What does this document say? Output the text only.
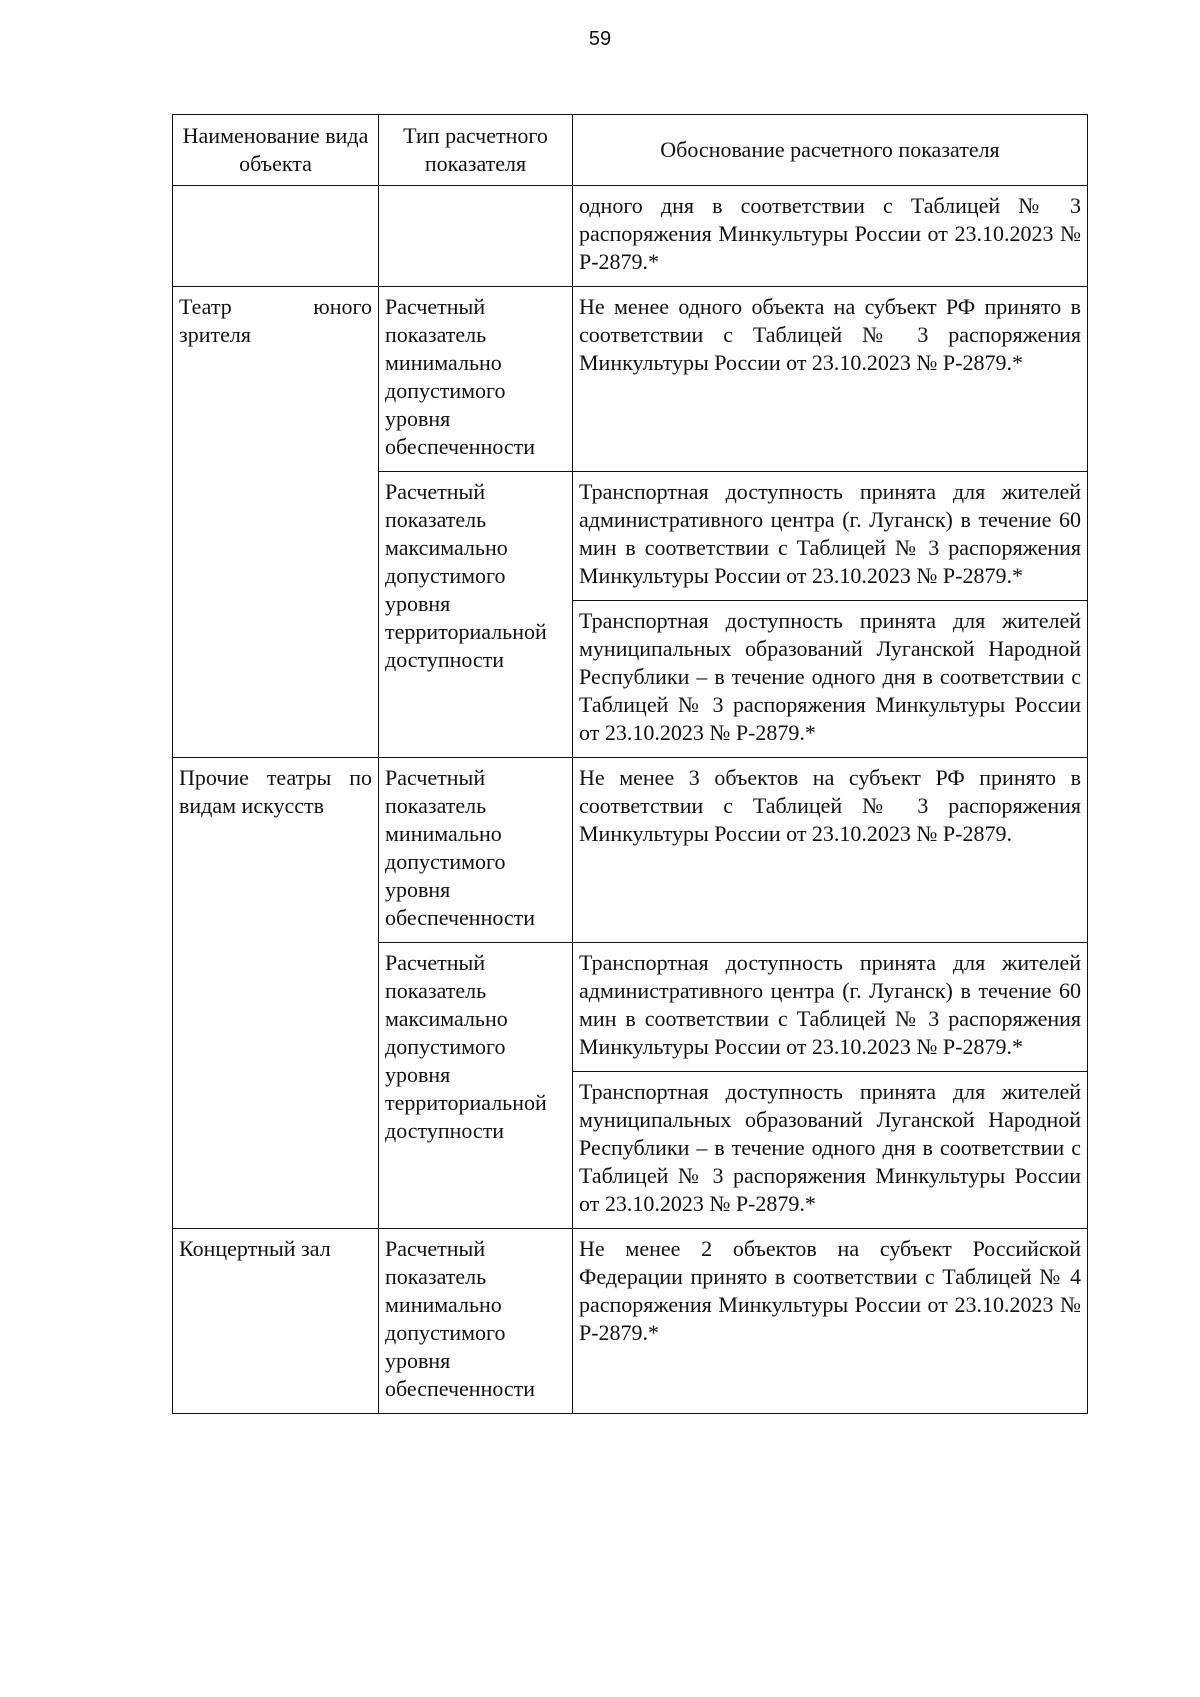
59
Наименование вида объекта	Тип расчетного показателя	Обоснование расчетного показателя
		одного дня в соответствии с Таблицей № 3 распоряжения Минкультуры России от 23.10.2023 № Р-2879.*
Театр юного зрителя	Расчетный показатель минимально допустимого уровня обеспеченности	Не менее одного объекта на субъект РФ принято в соответствии с Таблицей № 3 распоряжения Минкультуры России от 23.10.2023 № Р-2879.*
	Расчетный показатель максимально допустимого уровня территориальной доступности	Транспортная доступность принята для жителей административного центра (г. Луганск) в течение 60 мин в соответствии с Таблицей № 3 распоряжения Минкультуры России от 23.10.2023 № Р-2879.*
		Транспортная доступность принята для жителей муниципальных образований Луганской Народной Республики – в течение одного дня в соответствии с Таблицей № 3 распоряжения Минкультуры России от 23.10.2023 № Р-2879.*
Прочие театры по видам искусств	Расчетный показатель минимально допустимого уровня обеспеченности	Не менее 3 объектов на субъект РФ принято в соответствии с Таблицей № 3 распоряжения Минкультуры России от 23.10.2023 № Р-2879.
	Расчетный показатель максимально допустимого уровня территориальной доступности	Транспортная доступность принята для жителей административного центра (г. Луганск) в течение 60 мин в соответствии с Таблицей № 3 распоряжения Минкультуры России от 23.10.2023 № Р-2879.*
		Транспортная доступность принята для жителей муниципальных образований Луганской Народной Республики – в течение одного дня в соответствии с Таблицей № 3 распоряжения Минкультуры России от 23.10.2023 № Р-2879.*
Концертный зал	Расчетный показатель минимально допустимого уровня обеспеченности	Не менее 2 объектов на субъект Российской Федерации принято в соответствии с Таблицей № 4 распоряжения Минкультуры России от 23.10.2023 № Р-2879.*
